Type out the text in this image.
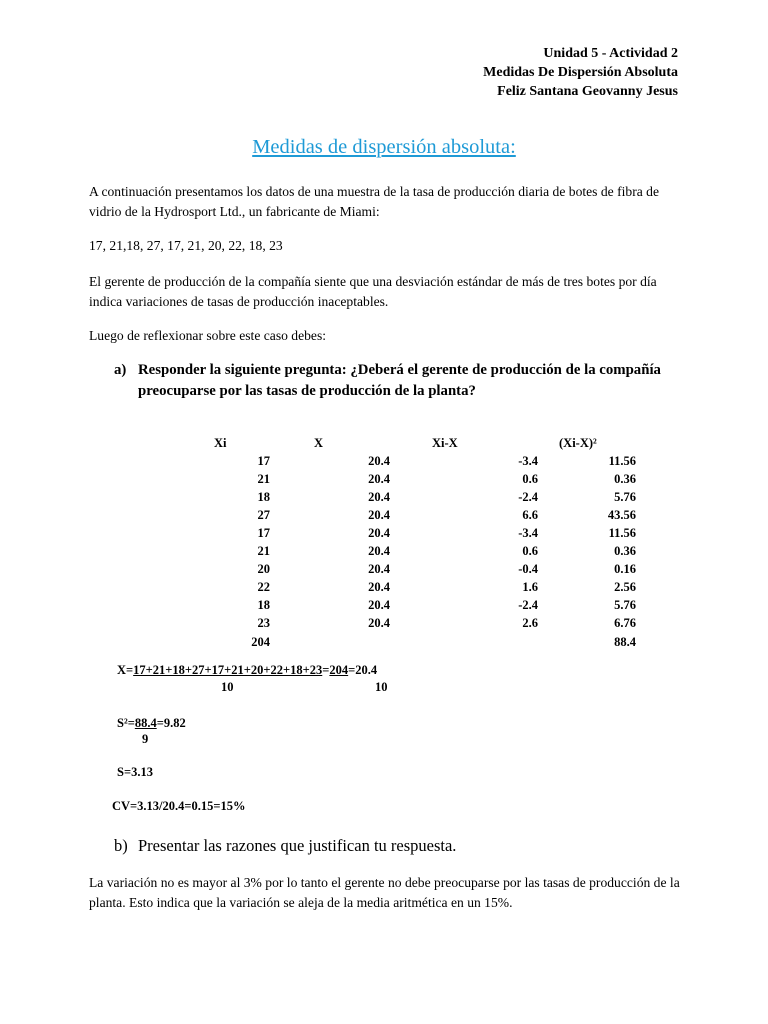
Unidad 5 - Actividad 2
Medidas De Dispersión Absoluta
Feliz Santana Geovanny Jesus
Medidas de dispersión absoluta:
A continuación presentamos los datos de una muestra de la tasa de producción diaria de botes de fibra de vidrio de la Hydrosport Ltd., un fabricante de Miami:
17, 21,18, 27, 17, 21, 20, 22, 18, 23
El gerente de producción de la compañía siente que una desviación estándar de más de tres botes por día indica variaciones de tasas de producción inaceptables.
Luego de reflexionar sobre este caso debes:
a) Responder la siguiente pregunta: ¿Deberá el gerente de producción de la compañía preocuparse por las tasas de producción de la planta?
Xi	X	Xi-X	(Xi-X)²
17	20.4	-3.4	11.56
21	20.4	0.6	0.36
18	20.4	-2.4	5.76
27	20.4	6.6	43.56
17	20.4	-3.4	11.56
21	20.4	0.6	0.36
20	20.4	-0.4	0.16
22	20.4	1.6	2.56
18	20.4	-2.4	5.76
23	20.4	2.6	6.76
204			88.4
X=17+21+18+27+17+21+20+22+18+23=204=20.4
10	10
S²=88.4=9.82
9
S=3.13
CV=3.13/20.4=0.15=15%
b) Presentar las razones que justifican tu respuesta.
La variación no es mayor al 3% por lo tanto el gerente no debe preocuparse por las tasas de producción de la planta. Esto indica que la variación se aleja de la media aritmética en un 15%.
